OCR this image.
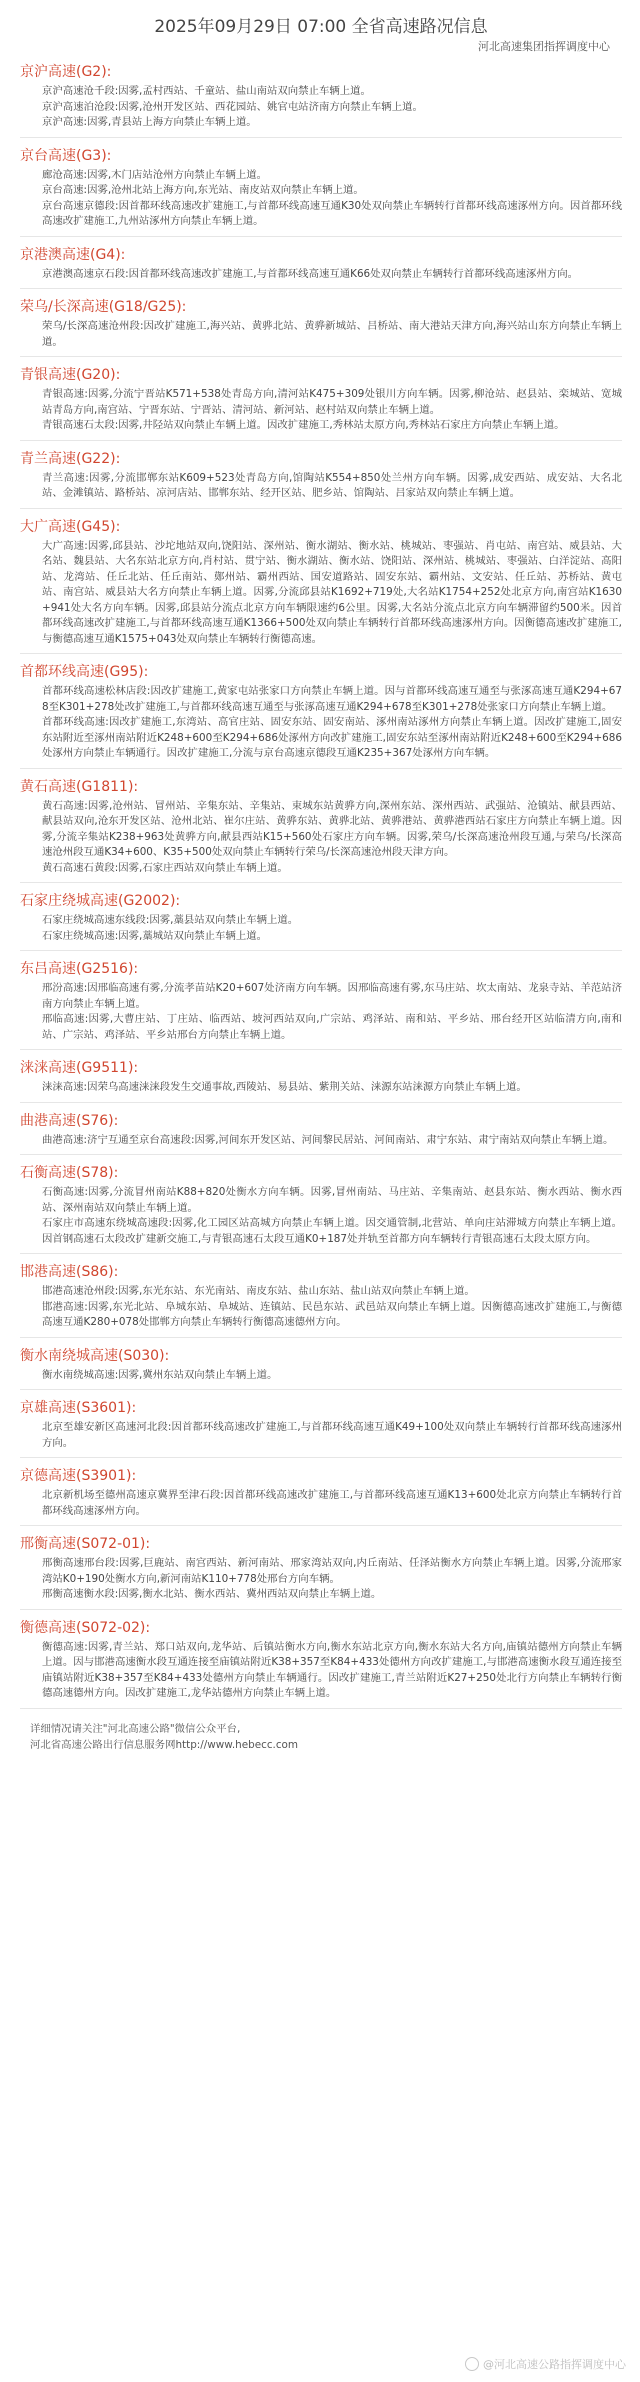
2025年09月29日 07:00 全省高速路况信息
河北高速集团指挥调度中心
京沪高速(G2):

京沪高速沧千段:因雾,孟村西站、千童站、盐山南站双向禁止车辆上道。

京沪高速泊沧段:因雾,沧州开发区站、西花园站、姚官屯站济南方向禁止车辆上道。

京沪高速:因雾,青县站上海方向禁止车辆上道。

京台高速(G3):

廊沧高速:因雾,木门店站沧州方向禁止车辆上道。

京台高速:因雾,沧州北站上海方向,东光站、南皮站双向禁止车辆上道。

京台高速京德段:因首都环线高速改扩建施工,与首都环线高速互通K30处双向禁止车辆转行首都环线高速涿州方向。因首都环线高速改扩建施工,九州站涿州方向禁止车辆上道。

京港澳高速(G4):

京港澳高速京石段:因首都环线高速改扩建施工,与首都环线高速互通K66处双向禁止车辆转行首都环线高速涿州方向。

荣乌/长深高速(G18/G25):

荣乌/长深高速沧州段:因改扩建施工,海兴站、黄骅北站、黄骅新城站、吕桥站、南大港站天津方向,海兴站山东方向禁止车辆上道。

青银高速(G20):

青银高速:因雾,分流宁晋站K571+538处青岛方向,清河站K475+309处银川方向车辆。因雾,柳沧站、赵县站、栾城站、宽城站青岛方向,南宫站、宁晋东站、宁晋站、清河站、新河站、赵村站双向禁止车辆上道。

青银高速石太段:因雾,井陉站双向禁止车辆上道。因改扩建施工,秀林站太原方向,秀林站石家庄方向禁止车辆上道。

青兰高速(G22):

青兰高速:因雾,分流邯郸东站K609+523处青岛方向,馆陶站K554+850处兰州方向车辆。因雾,成安西站、成安站、大名北站、金滩镇站、路桥站、凉河店站、邯郸东站、经开区站、肥乡站、馆陶站、吕家站双向禁止车辆上道。

大广高速(G45):

大广高速:因雾,邱县站、沙坨地站双向,饶阳站、深州站、衡水湖站、衡水站、桃城站、枣强站、肖屯站、南宫站、威县站、大名站、魏县站、大名东站北京方向,肖村站、贯宁站、衡水湖站、衡水站、饶阳站、深州站、桃城站、枣强站、白洋淀站、高阳站、龙湾站、任丘北站、任丘南站、鄚州站、霸州西站、国安道路站、固安东站、霸州站、文安站、任丘站、苏桥站、黄屯站、南宫站、威县站大名方向禁止车辆上道。因雾,分流邱县站K1692+719处,大名站K1754+252处北京方向,南宫站K1630+941处大名方向车辆。因雾,邱县站分流点北京方向车辆限速约6公里。因雾,大名站分流点北京方向车辆滞留约500米。因首都环线高速改扩建施工,与首都环线高速互通K1366+500处双向禁止车辆转行首都环线高速涿州方向。因衡德高速改扩建施工,与衡德高速互通K1575+043处双向禁止车辆转行衡德高速。

首都环线高速(G95):

首都环线高速松林店段:因改扩建施工,黄家屯站张家口方向禁止车辆上道。因与首都环线高速互通至与张涿高速互通K294+678至K301+278处改扩建施工,与首都环线高速互通至与张涿高速互通K294+678至K301+278处张家口方向禁止车辆上道。

首都环线高速:因改扩建施工,东湾站、高官庄站、固安东站、固安南站、涿州南站涿州方向禁止车辆上道。因改扩建施工,固安东站附近至涿州南站附近K248+600至K294+686处涿州方向改扩建施工,固安东站至涿州南站附近K248+600至K294+686处涿州方向禁止车辆通行。因改扩建施工,分流与京台高速京德段互通K235+367处涿州方向车辆。

黄石高速(G1811):

黄石高速:因雾,沧州站、冒州站、辛集东站、辛集站、束城东站黄骅方向,深州东站、深州西站、武强站、沧镇站、献县西站、献县站双向,沧东开发区站、沧州北站、崔尔庄站、黄骅东站、黄骅北站、黄骅港站、黄骅港西站石家庄方向禁止车辆上道。因雾,分流辛集站K238+963处黄骅方向,献县西站K15+560处石家庄方向车辆。因雾,荣乌/长深高速沧州段互通,与荣乌/长深高速沧州段互通K34+600、K35+500处双向禁止车辆转行荣乌/长深高速沧州段天津方向。

黄石高速石黄段:因雾,石家庄西站双向禁止车辆上道。

石家庄绕城高速(G2002):

石家庄绕城高速东线段:因雾,藁县站双向禁止车辆上道。

石家庄绕城高速:因雾,藁城站双向禁止车辆上道。

东吕高速(G2516):

邢汾高速:因邢临高速有雾,分流孝苗站K20+607处济南方向车辆。因邢临高速有雾,东马庄站、坎太南站、龙泉寺站、羊范站济南方向禁止车辆上道。

邢临高速:因雾,大曹庄站、丁庄站、临西站、坡河西站双向,广宗站、鸡泽站、南和站、平乡站、邢台经开区站临清方向,南和站、广宗站、鸡泽站、平乡站邢台方向禁止车辆上道。

涞涞高速(G9511):

涞涞高速:因荣乌高速涞涞段发生交通事故,西陵站、易县站、紫荆关站、涞源东站涞源方向禁止车辆上道。

曲港高速(S76):

曲港高速:济宁互通至京台高速段:因雾,河间东开发区站、河间黎民居站、河间南站、肃宁东站、肃宁南站双向禁止车辆上道。

石衡高速(S78):

石衡高速:因雾,分流冒州南站K88+820处衡水方向车辆。因雾,冒州南站、马庄站、辛集南站、赵县东站、衡水西站、衡水西站、深州南站双向禁止车辆上道。

石家庄市高速东绕城高速段:因雾,化工园区站高城方向禁止车辆上道。因交通管制,北营站、单向庄站滞城方向禁止车辆上道。因首钢高速石太段改扩建新交施工,与青银高速石太段互通K0+187处并轨至首都方向车辆转行青银高速石太段太原方向。

邯港高速(S86):

邯港高速沧州段:因雾,东光东站、东光南站、南皮东站、盐山东站、盐山站双向禁止车辆上道。

邯港高速:因雾,东光北站、阜城东站、阜城站、连镇站、民邑东站、武邑站双向禁止车辆上道。因衡德高速改扩建施工,与衡德高速互通K280+078处邯郸方向禁止车辆转行衡德高速德州方向。

衡水南绕城高速(S030):

衡水南绕城高速:因雾,冀州东站双向禁止车辆上道。

京雄高速(S3601):

北京至雄安新区高速河北段:因首都环线高速改扩建施工,与首都环线高速互通K49+100处双向禁止车辆转行首都环线高速涿州方向。

京德高速(S3901):

北京新机场至德州高速京冀界至津石段:因首都环线高速改扩建施工,与首都环线高速互通K13+600处北京方向禁止车辆转行首都环线高速涿州方向。

邢衡高速(S072-01):

邢衡高速邢台段:因雾,巨鹿站、南宫西站、新河南站、邢家湾站双向,内丘南站、任泽站衡水方向禁止车辆上道。因雾,分流邢家湾站K0+190处衡水方向,新河南站K110+778处邢台方向车辆。

邢衡高速衡水段:因雾,衡水北站、衡水西站、冀州西站双向禁止车辆上道。

衡德高速(S072-02):

衡德高速:因雾,青兰站、郑口站双向,龙华站、后镇站衡水方向,衡水东站北京方向,衡水东站大名方向,庙镇站德州方向禁止车辆上道。因与邯港高速衡水段互通连接至庙镇站附近K38+357至K84+433处德州方向改扩建施工,与邯港高速衡水段互通连接至庙镇站附近K38+357至K84+433处德州方向禁止车辆通行。因改扩建施工,青兰站附近K27+250处北行方向禁止车辆转行衡德高速德州方向。因改扩建施工,龙华站德州方向禁止车辆上道。

详细情况请关注"河北高速公路"微信公众平台,

河北省高速公路出行信息服务网http://www.hebecc.com

@河北高速公路指挥调度中心
